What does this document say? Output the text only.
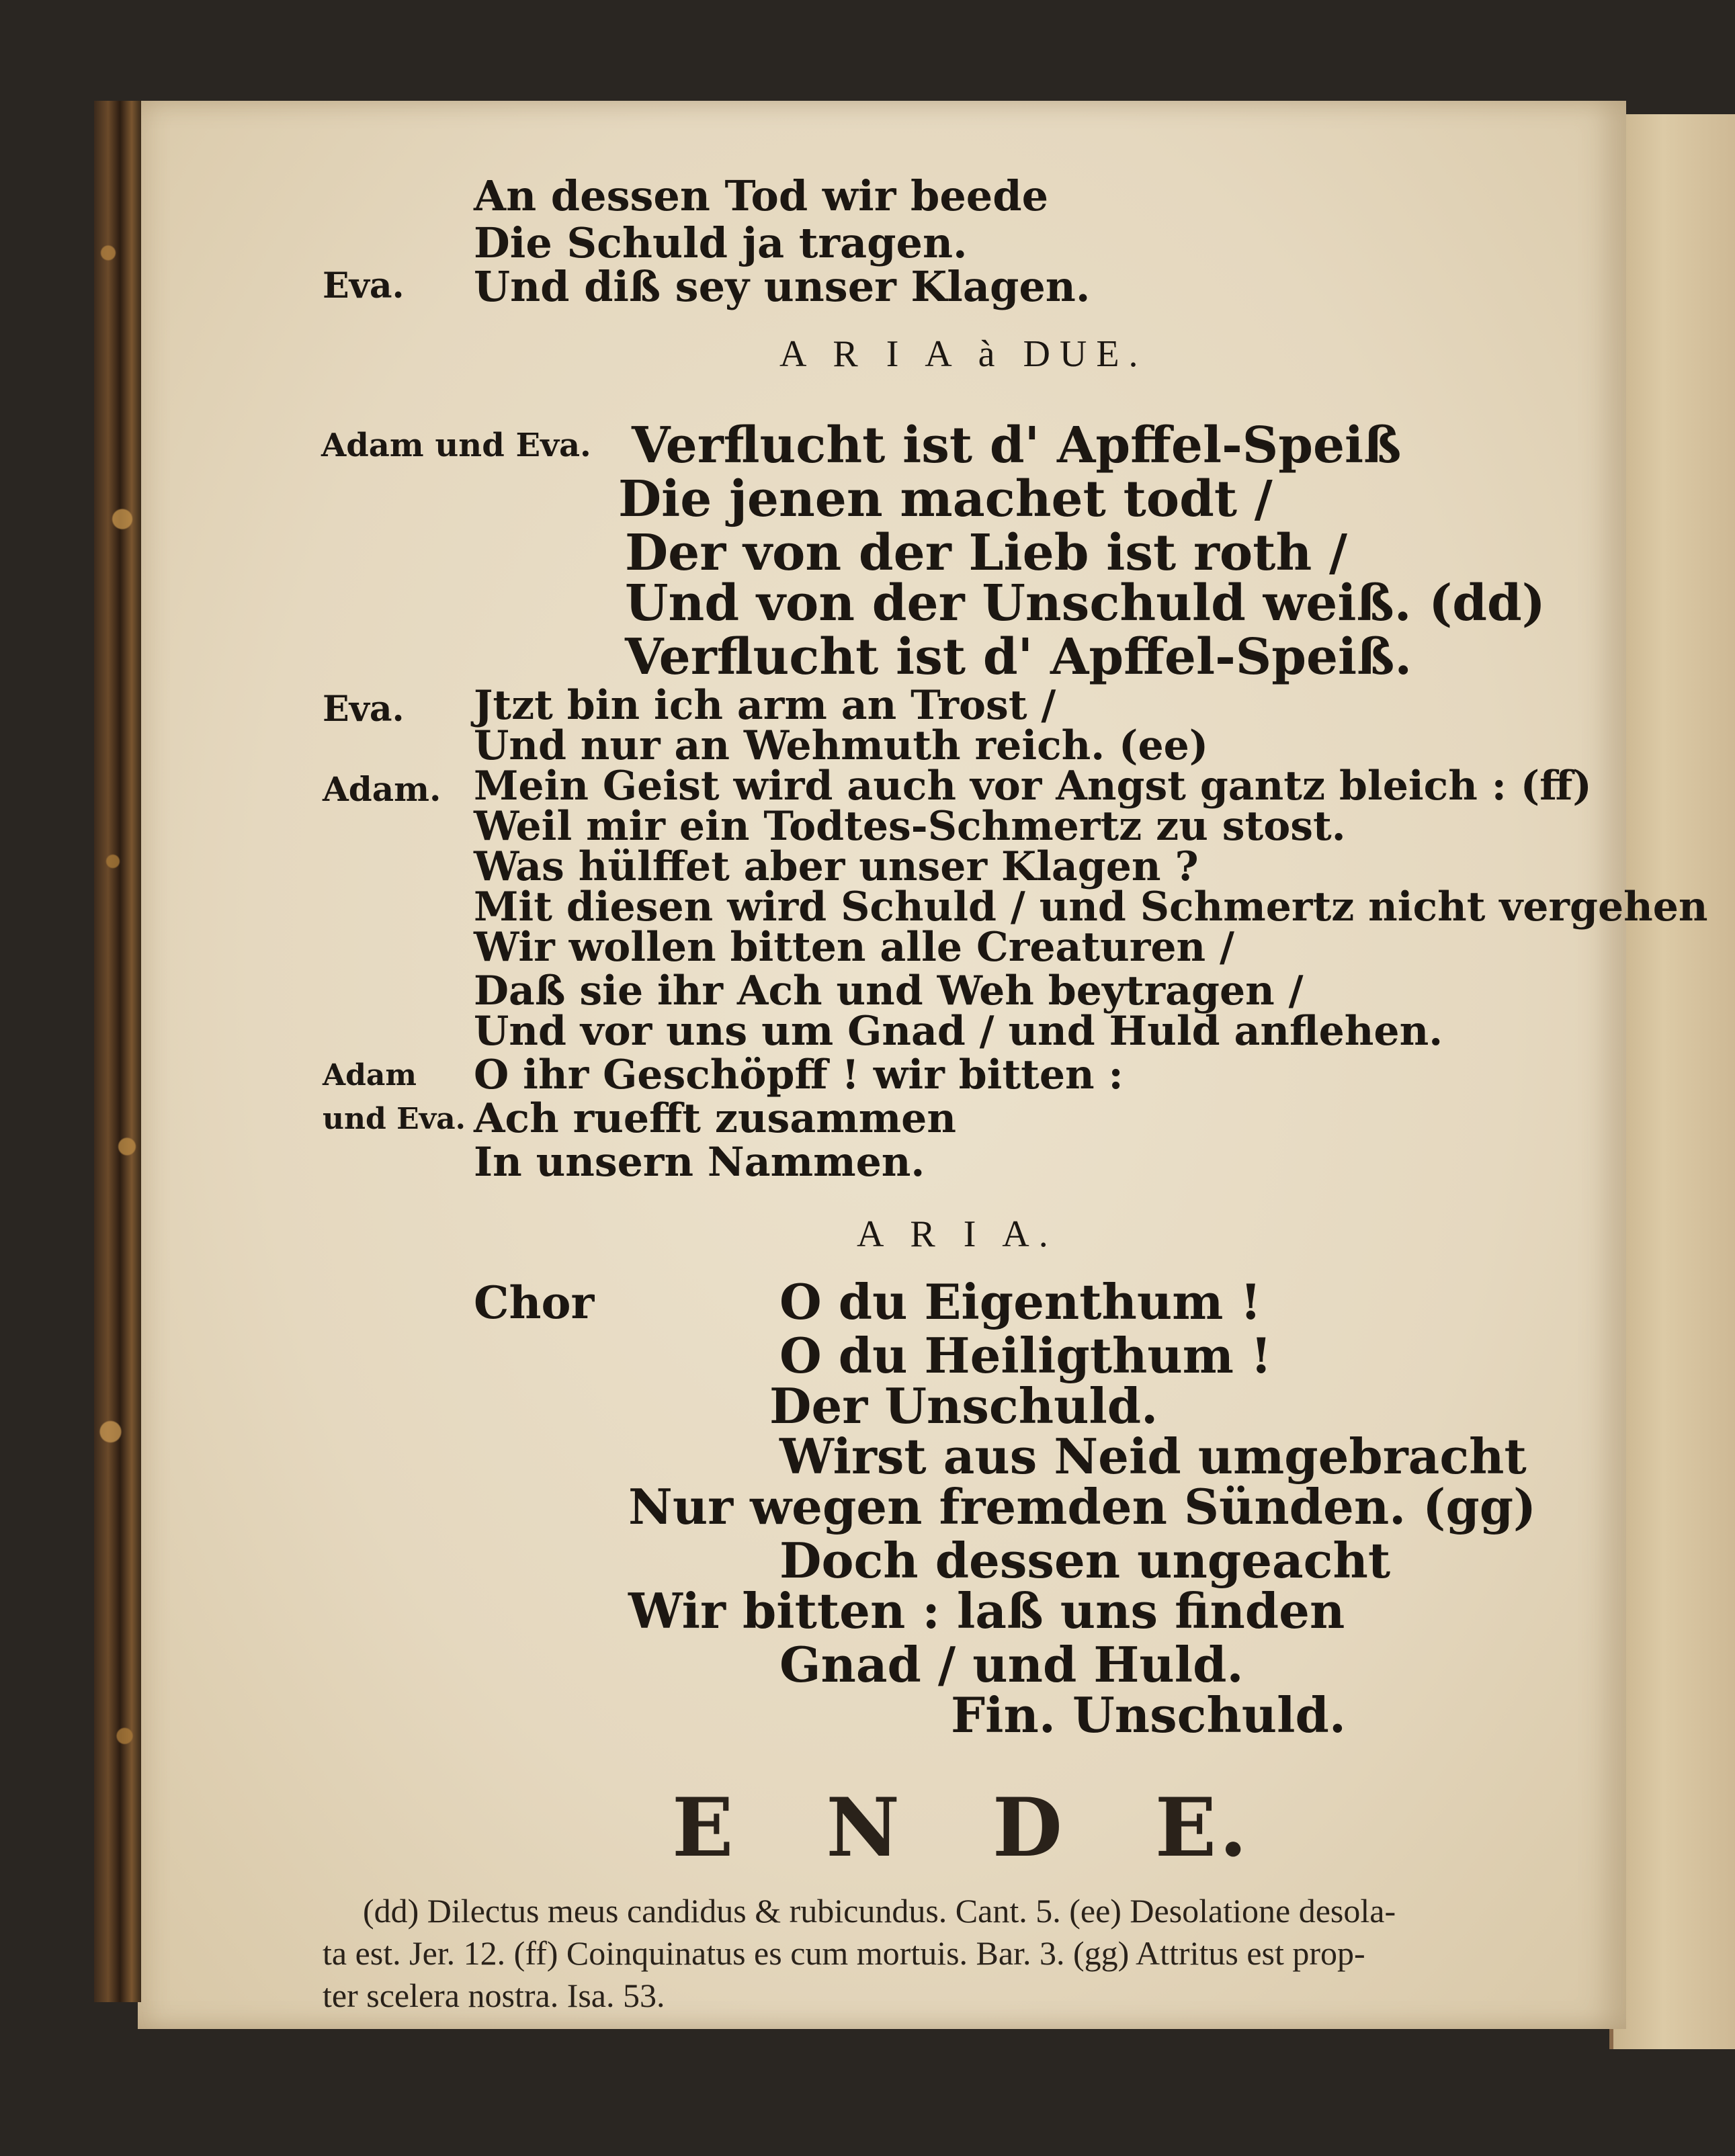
An dessen Tod wir beede
Die Schuld ja tragen.
Eva. Und diß sey unser Klagen.
A R I A à DUE.
Adam und Eva. Verflucht ist d' Apffel-Speiß
Die jenen machet todt /
Der von der Lieb ist roth /
Und von der Unschuld weiß. (dd)
Verflucht ist d' Apffel-Speiß.
Eva. Jtzt bin ich arm an Trost /
Und nur an Wehmuth reich. (ee)
Adam. Mein Geist wird auch vor Angst gantz bleich : (ff)
Weil mir ein Todtes-Schmertz zu stost.
Was hülffet aber unser Klagen ?
Mit diesen wird Schuld / und Schmertz nicht vergehen
Wir wollen bitten alle Creaturen /
Daß sie ihr Ach und Weh beytragen /
Und vor uns um Gnad / und Huld anflehen.
Adam
und Eva.
O ihr Geschöpff ! wir bitten :
Ach ruefft zusammen
In unsern Nammen.
A R I A.
Chor	O du Eigenthum !
O du Heiligthum !
Der Unschuld.
Wirst aus Neid umgebracht
Nur wegen fremden Sünden. (gg)
Doch dessen ungeacht
Wir bitten : laß uns finden
Gnad / und Huld.
Fin. Unschuld.
E N D E.
(dd) Dilectus meus candidus & rubicundus. Cant. 5. (ee) Desolatione desola-
ta est. Jer. 12. (ff) Coinquinatus es cum mortuis. Bar. 3. (gg) Attritus est prop-
ter scelera nostra. Isa. 53.
